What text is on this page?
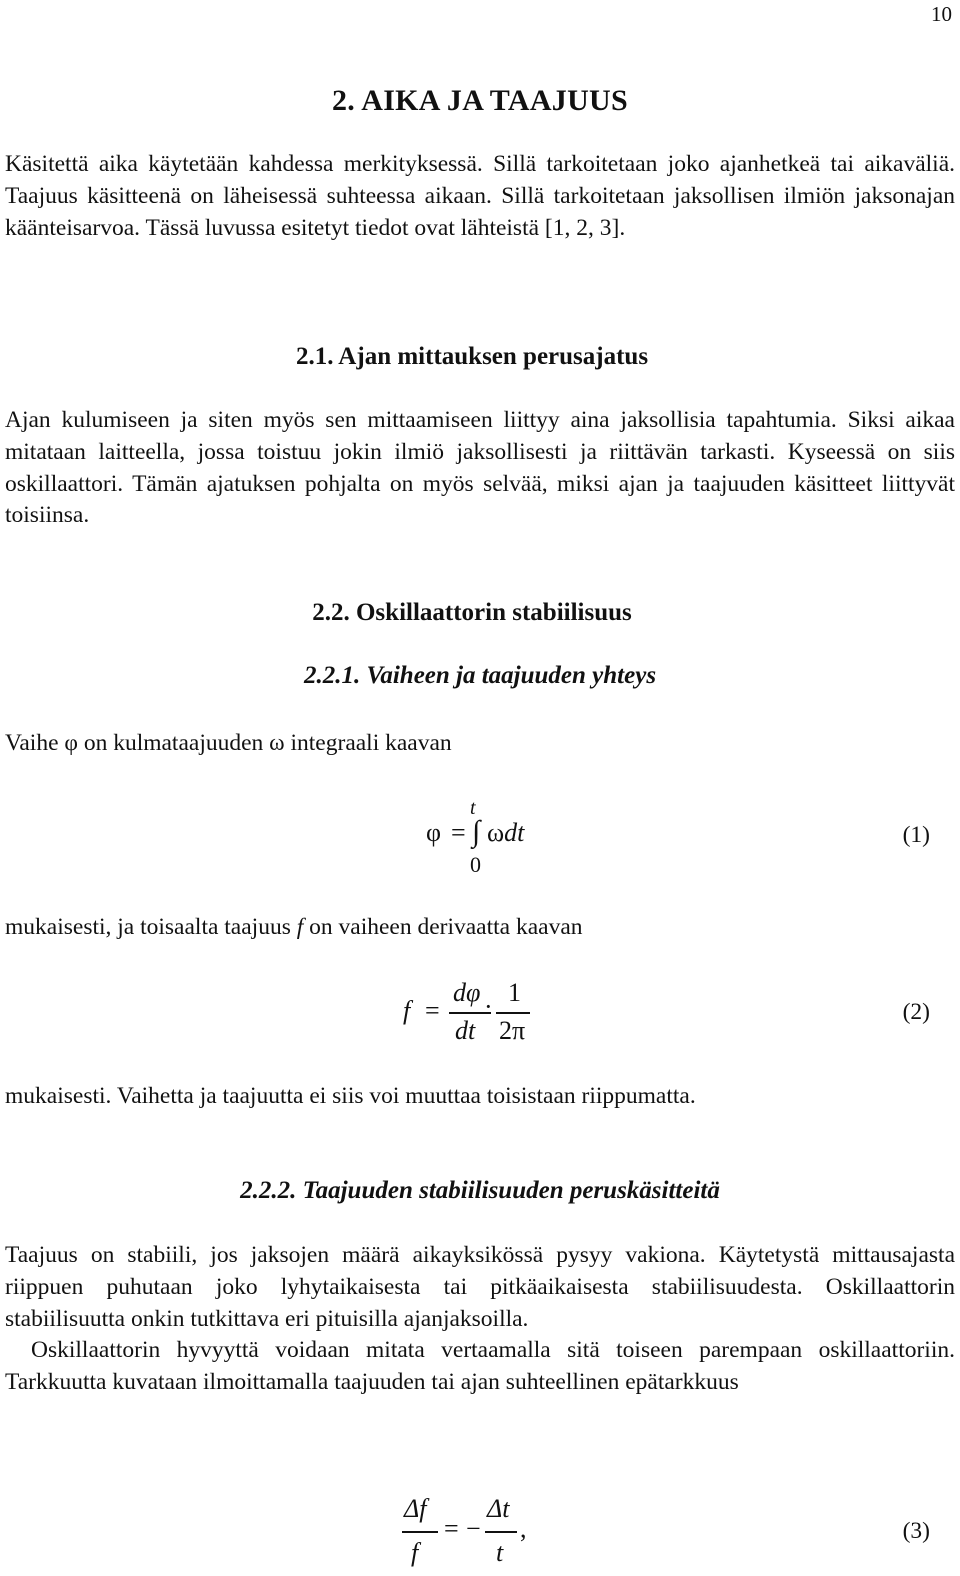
10
2. AIKA JA TAAJUUS

Käsitettä aika käytetään kahdessa merkityksessä. Sillä tarkoitetaan joko ajanhetkeä tai aikaväliä. Taajuus käsitteenä on läheisessä suhteessa aikaan. Sillä tarkoitetaan jaksollisen ilmiön jaksonajan käänteisarvoa. Tässä luvussa esitetyt tiedot ovat lähteistä [1, 2, 3].

2.1. Ajan mittauksen perusajatus

Ajan kulumiseen ja siten myös sen mittaamiseen liittyy aina jaksollisia tapahtumia. Siksi aikaa mitataan laitteella, jossa toistuu jokin ilmiö jaksollisesti ja riittävän tarkasti. Kyseessä on siis oskillaattori. Tämän ajatuksen pohjalta on myös selvää, miksi ajan ja taajuuden käsitteet liittyvät toisiinsa.

2.2. Oskillaattorin stabiilisuus
2.2.1. Vaiheen ja taajuuden yhteys
Vaihe φ on kulmataajuuden ω integraali kaavan
t
φ = ∫ ωdt
0
(1)
mukaisesti, ja toisaalta taajuus f on vaiheen derivaatta kaavan
f =
dφ
dt
· 1
2π
(2)
mukaisesti. Vaihetta ja taajuutta ei siis voi muuttaa toisistaan riippumatta.
2.2.2. Taajuuden stabiilisuuden peruskäsitteitä

Taajuus on stabiili, jos jaksojen määrä aikayksikössä pysyy vakiona. Käytetystä mittausajasta riippuen puhutaan joko lyhytaikaisesta tai pitkäaikaisesta stabiilisuudesta. Oskillaattorin stabiilisuutta onkin tutkittava eri pituisilla ajanjaksoilla.

Oskillaattorin hyvyyttä voidaan mitata vertaamalla sitä toiseen parempaan oskillaattoriin. Tarkkuutta kuvataan ilmoittamalla taajuuden tai ajan suhteellinen epätarkkuus

Δf
f
= −
Δt
t
,	(3)
